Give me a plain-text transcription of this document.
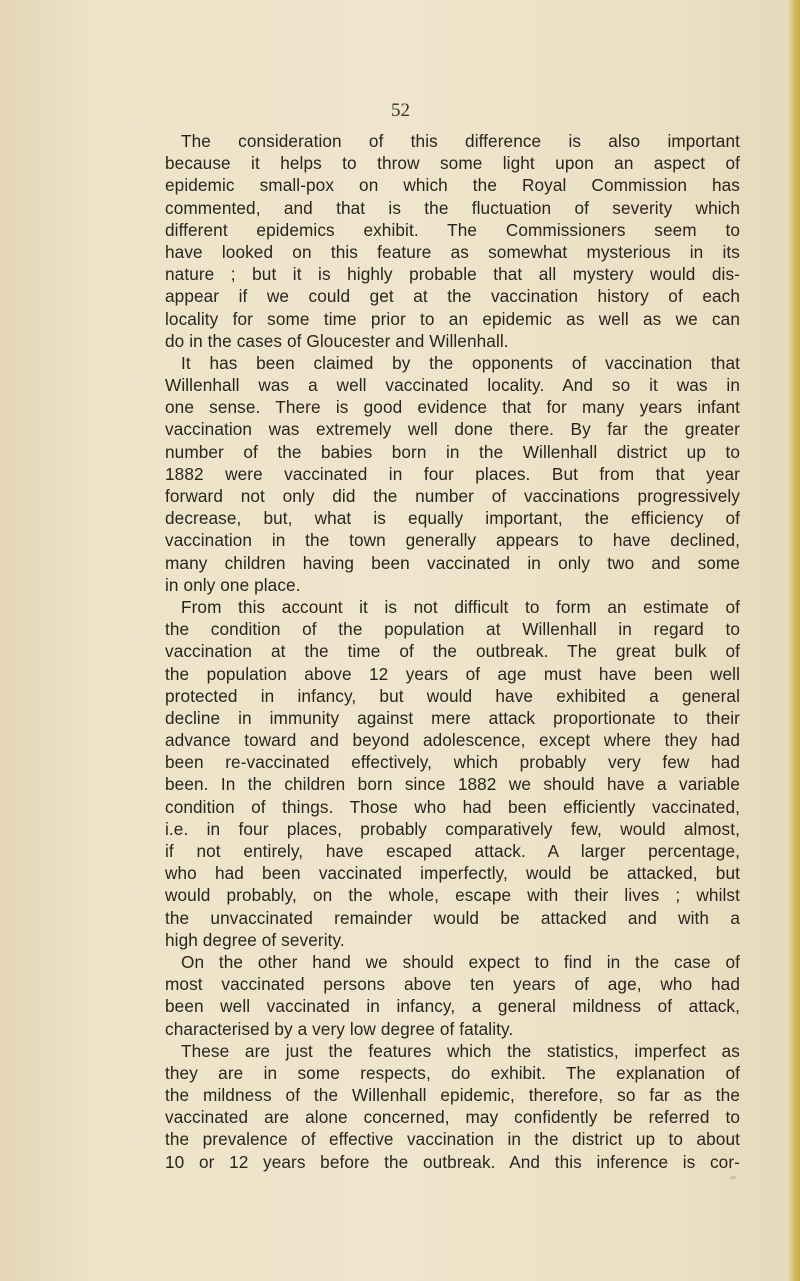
52
The consideration of this difference is also important
because it helps to throw some light upon an aspect of
epidemic small-pox on which the Royal Commission has
commented, and that is the fluctuation of severity which
different epidemics exhibit. The Commissioners seem to
have looked on this feature as somewhat mysterious in its
nature ; but it is highly probable that all mystery would dis-
appear if we could get at the vaccination history of each
locality for some time prior to an epidemic as well as we can
do in the cases of Gloucester and Willenhall.
It has been claimed by the opponents of vaccination that
Willenhall was a well vaccinated locality. And so it was in
one sense. There is good evidence that for many years infant
vaccination was extremely well done there. By far the greater
number of the babies born in the Willenhall district up to
1882 were vaccinated in four places. But from that year
forward not only did the number of vaccinations progressively
decrease, but, what is equally important, the efficiency of
vaccination in the town generally appears to have declined,
many children having been vaccinated in only two and some
in only one place.
From this account it is not difficult to form an estimate of
the condition of the population at Willenhall in regard to
vaccination at the time of the outbreak. The great bulk of
the population above 12 years of age must have been well
protected in infancy, but would have exhibited a general
decline in immunity against mere attack proportionate to their
advance toward and beyond adolescence, except where they had
been re-vaccinated effectively, which probably very few had
been. In the children born since 1882 we should have a variable
condition of things. Those who had been efficiently vaccinated,
i.e. in four places, probably comparatively few, would almost,
if not entirely, have escaped attack. A larger percentage,
who had been vaccinated imperfectly, would be attacked, but
would probably, on the whole, escape with their lives ; whilst
the unvaccinated remainder would be attacked and with a
high degree of severity.
On the other hand we should expect to find in the case of
most vaccinated persons above ten years of age, who had
been well vaccinated in infancy, a general mildness of attack,
characterised by a very low degree of fatality.
These are just the features which the statistics, imperfect as
they are in some respects, do exhibit. The explanation of
the mildness of the Willenhall epidemic, therefore, so far as the
vaccinated are alone concerned, may confidently be referred to
the prevalence of effective vaccination in the district up to about
10 or 12 years before the outbreak. And this inference is cor-
